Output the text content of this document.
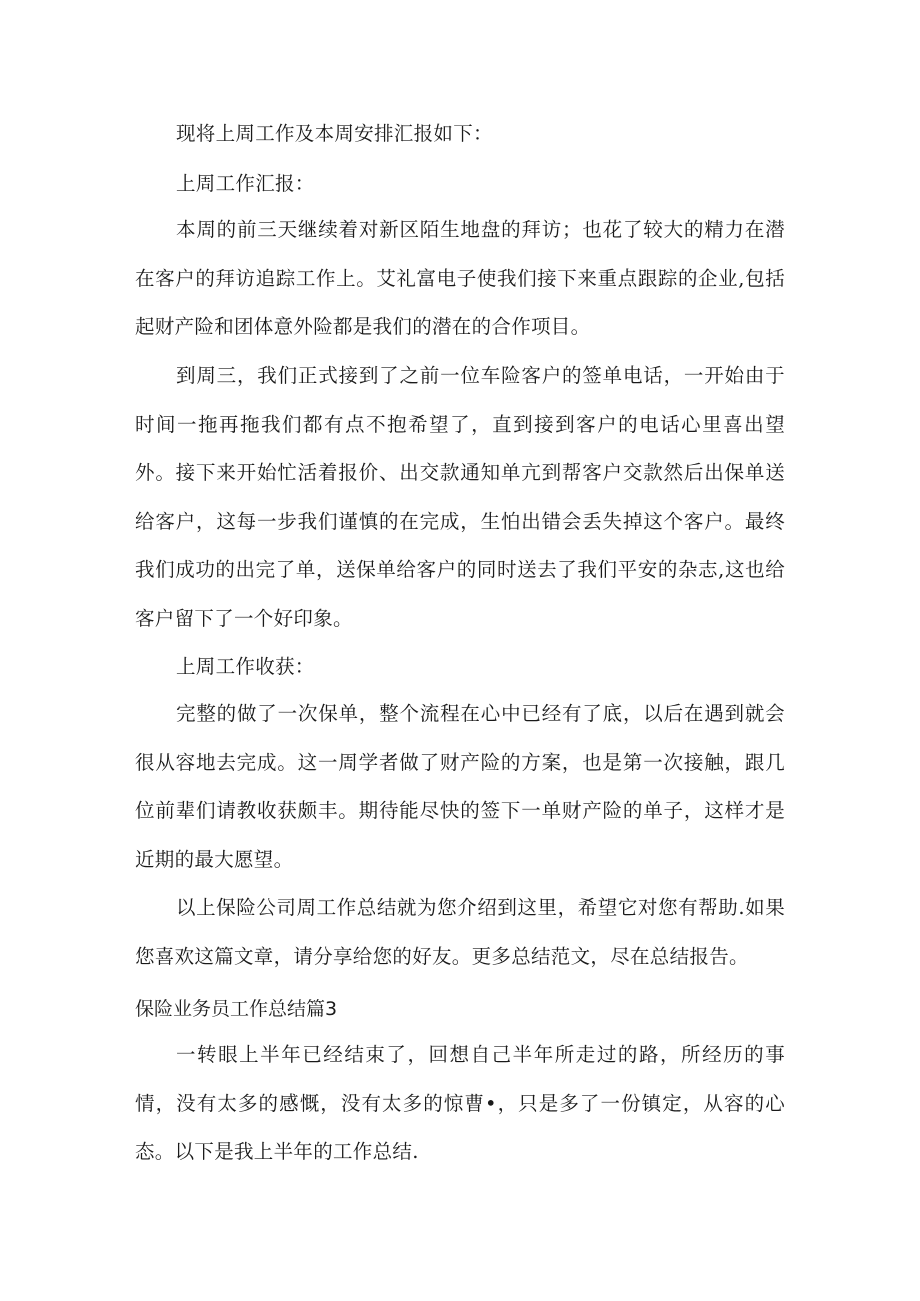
现将上周工作及本周安排汇报如下：

上周工作汇报：

本周的前三天继续着对新区陌生地盘的拜访；也花了较大的精力在潜在客户的拜访追踪工作上。艾礼富电子使我们接下来重点跟踪的企业,包括起财产险和团体意外险都是我们的潜在的合作项目。

到周三，我们正式接到了之前一位车险客户的签单电话，一开始由于时间一拖再拖我们都有点不抱希望了，直到接到客户的电话心里喜出望外。接下来开始忙活着报价、出交款通知单亢到帮客户交款然后出保单送给客户，这每一步我们谨慎的在完成，生怕出错会丢失掉这个客户。最终我们成功的出完了单，送保单给客户的同时送去了我们平安的杂志,这也给客户留下了一个好印象。

上周工作收获：

完整的做了一次保单，整个流程在心中已经有了底，以后在遇到就会很从容地去完成。这一周学者做了财产险的方案，也是第一次接触，跟几位前辈们请教收获颇丰。期待能尽快的签下一单财产险的单子，这样才是近期的最大愿望。

以上保险公司周工作总结就为您介绍到这里，希望它对您有帮助.如果您喜欢这篇文章，请分享给您的好友。更多总结范文，尽在总结报告。

保险业务员工作总结篇3

一转眼上半年已经结束了，回想自己半年所走过的路，所经历的事情，没有太多的感慨，没有太多的惊曹•，只是多了一份镇定，从容的心态。以下是我上半年的工作总结.
